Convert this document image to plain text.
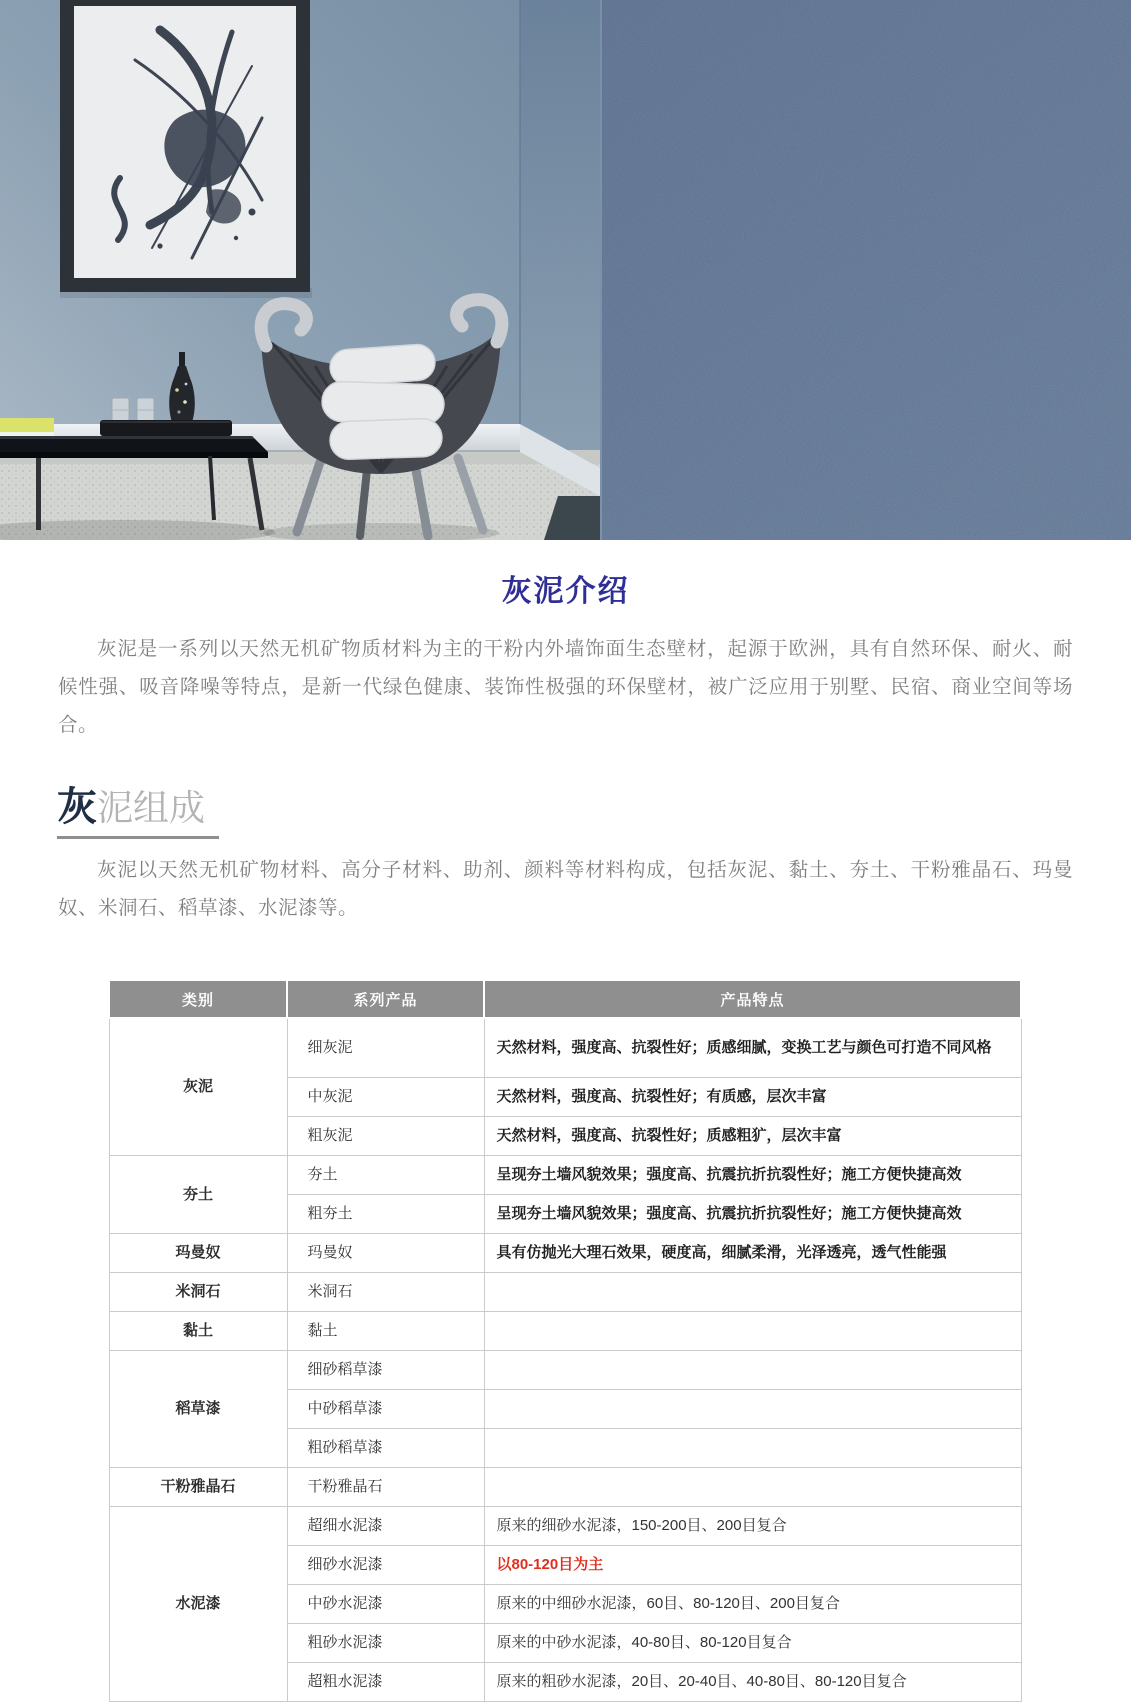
灰泥介绍

灰泥是一系列以天然无机矿物质材料为主的干粉内外墙饰面生态壁材，起源于欧洲，具有自然环保、耐火、耐候性强、吸音降噪等特点，是新一代绿色健康、装饰性极强的环保壁材，被广泛应用于别墅、民宿、商业空间等场合。

灰泥组成

灰泥以天然无机矿物材料、高分子材料、助剂、颜料等材料构成，包括灰泥、黏土、夯土、干粉雅晶石、玛曼奴、米洞石、稻草漆、水泥漆等。

类别	系列产品	产品特点
灰泥	细灰泥	天然材料，强度高、抗裂性好；质感细腻，变换工艺与颜色可打造不同风格
	中灰泥	天然材料，强度高、抗裂性好；有质感，层次丰富
	粗灰泥	天然材料，强度高、抗裂性好；质感粗犷，层次丰富
夯土	夯土	呈现夯土墙风貌效果；强度高、抗震抗折抗裂性好；施工方便快捷高效
	粗夯土	呈现夯土墙风貌效果；强度高、抗震抗折抗裂性好；施工方便快捷高效
玛曼奴	玛曼奴	具有仿抛光大理石效果，硬度高，细腻柔滑，光泽透亮，透气性能强
米洞石	米洞石	
黏土	黏土	
稻草漆	细砂稻草漆	
	中砂稻草漆	
	粗砂稻草漆	
干粉雅晶石	干粉雅晶石	
水泥漆	超细水泥漆	原来的细砂水泥漆，150-200目、200目复合
	细砂水泥漆	以80-120目为主
	中砂水泥漆	原来的中细砂水泥漆，60目、80-120目、200目复合
	粗砂水泥漆	原来的中砂水泥漆，40-80目、80-120目复合
	超粗水泥漆	原来的粗砂水泥漆，20目、20-40目、40-80目、80-120目复合
